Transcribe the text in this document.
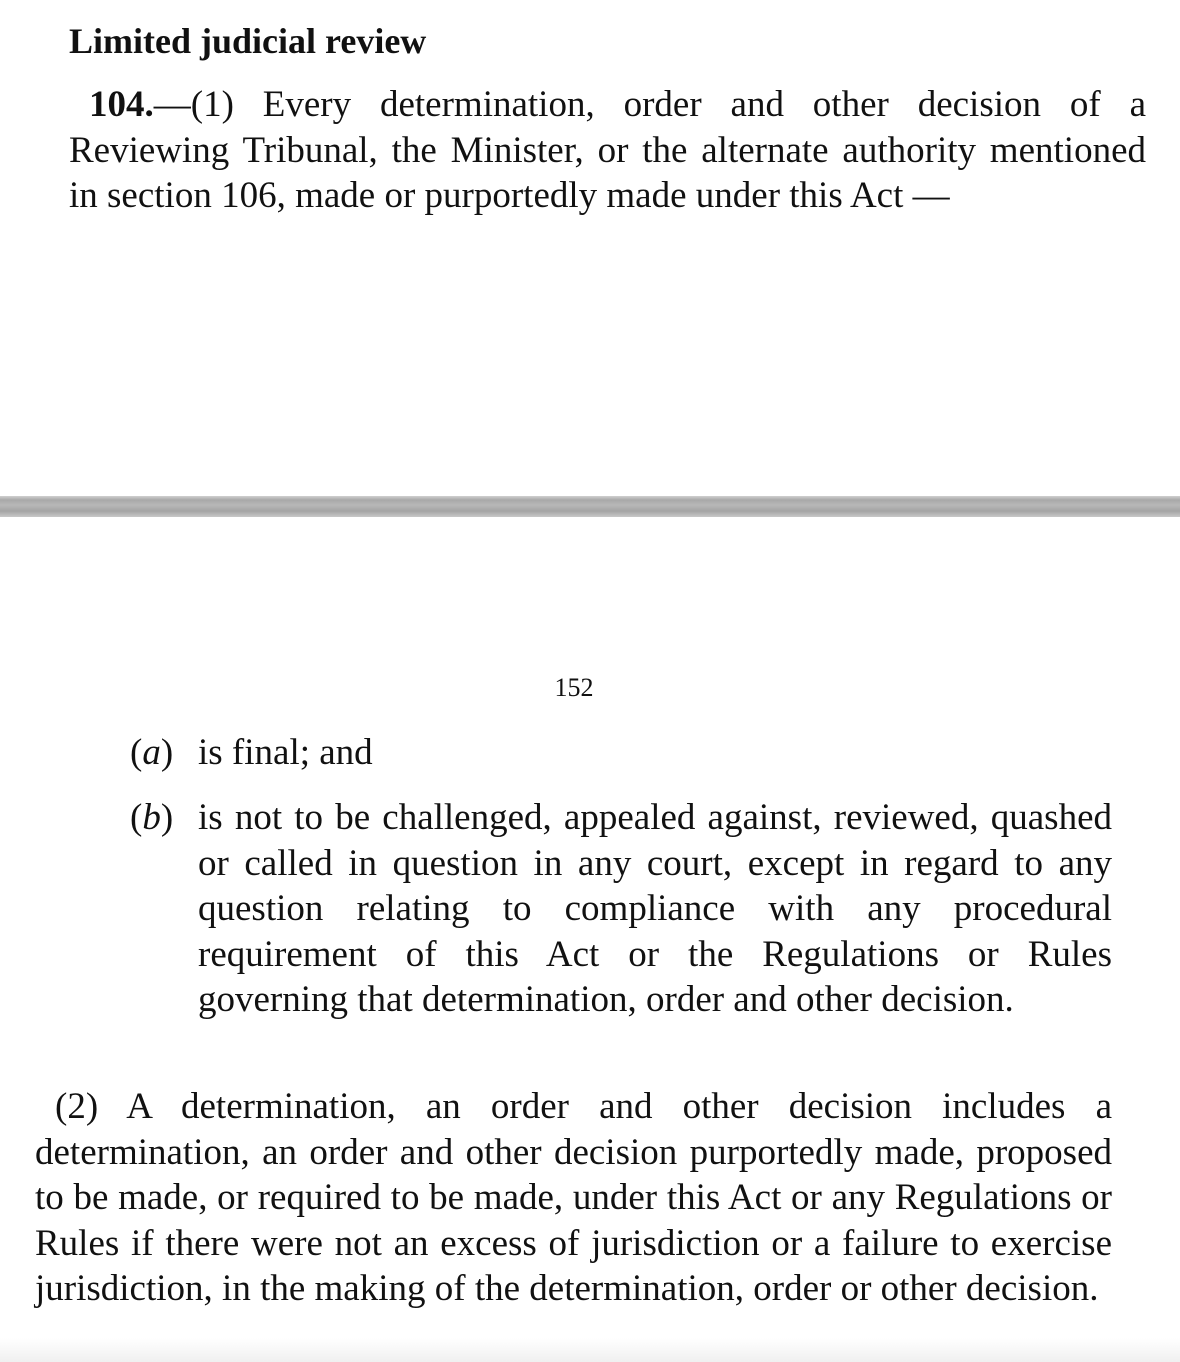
Limited judicial review

104.—(1) Every determination, order and other decision of a Reviewing Tribunal, the Minister, or the alternate authority mentioned in section 106, made or purportedly made under this Act —

152
(a) is final; and
(b) is not to be challenged, appealed against, reviewed, quashed or called in question in any court, except in regard to any question relating to compliance with any procedural requirement of this Act or the Regulations or Rules governing that determination, order and other decision.

(2) A determination, an order and other decision includes a determination, an order and other decision purportedly made, proposed to be made, or required to be made, under this Act or any Regulations or Rules if there were not an excess of jurisdiction or a failure to exercise jurisdiction, in the making of the determination, order or other decision.
